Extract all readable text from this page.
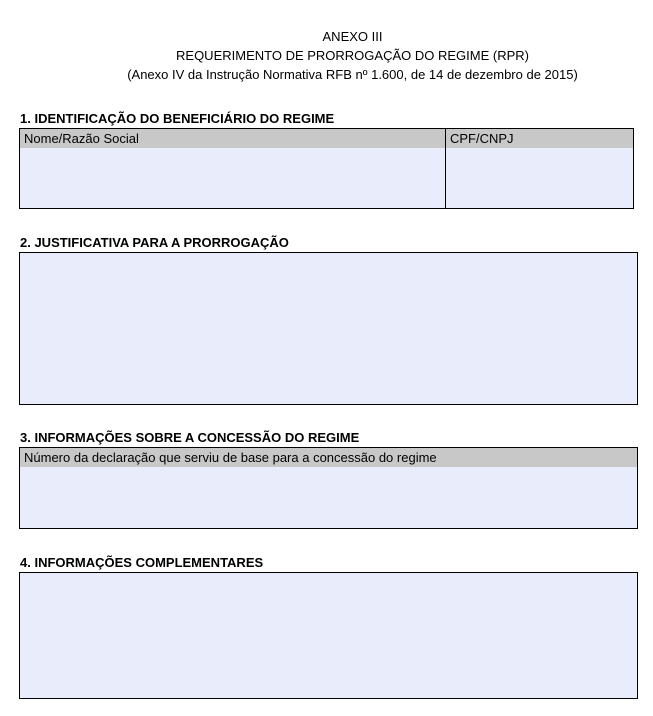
ANEXO III
REQUERIMENTO DE PRORROGAÇÃO DO REGIME (RPR)
(Anexo IV da Instrução Normativa RFB nº 1.600, de 14 de dezembro de 2015)
1. IDENTIFICAÇÃO DO BENEFICIÁRIO DO REGIME
Nome/Razão Social	CPF/CNPJ
2. JUSTIFICATIVA PARA A PRORROGAÇÃO
3. INFORMAÇÕES SOBRE A CONCESSÃO DO REGIME
Número da declaração que serviu de base para a concessão do regime
4. INFORMAÇÕES COMPLEMENTARES
